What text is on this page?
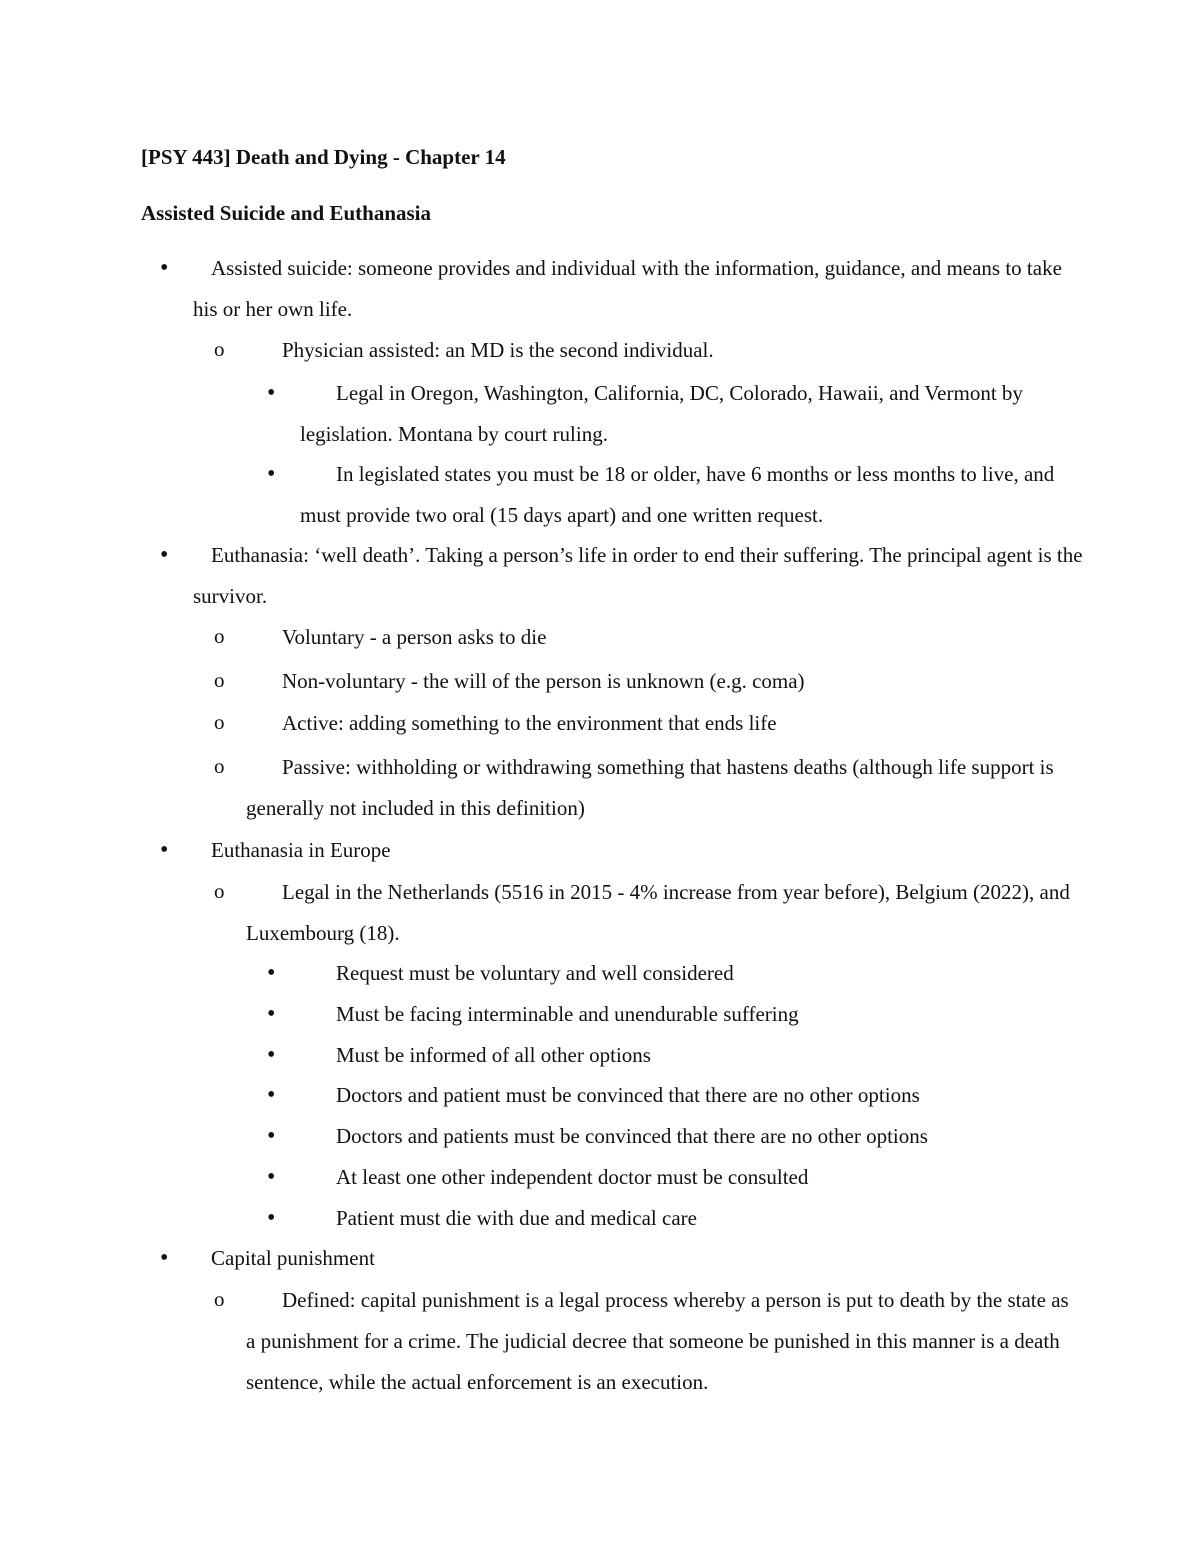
[PSY 443] Death and Dying - Chapter 14
Assisted Suicide and Euthanasia
• Assisted suicide: someone provides and individual with the information, guidance, and means to take his or her own life.
o	Physician assisted: an MD is the second individual.
•	Legal in Oregon, Washington, California, DC, Colorado, Hawaii, and Vermont by legislation. Montana by court ruling.
•	In legislated states you must be 18 or older, have 6 months or less months to live, and must provide two oral (15 days apart) and one written request.
• Euthanasia: ‘well death’. Taking a person’s life in order to end their suffering. The principal agent is the survivor.
o	Voluntary - a person asks to die
o	Non-voluntary - the will of the person is unknown (e.g. coma)
o	Active: adding something to the environment that ends life
o	Passive: withholding or withdrawing something that hastens deaths (although life support is generally not included in this definition)
• Euthanasia in Europe
o	Legal in the Netherlands (5516 in 2015 - 4% increase from year before), Belgium (2022), and Luxembourg (18).
•	Request must be voluntary and well considered
•	Must be facing interminable and unendurable suffering
•	Must be informed of all other options
•	Doctors and patient must be convinced that there are no other options
•	Doctors and patients must be convinced that there are no other options
•	At least one other independent doctor must be consulted
•	Patient must die with due and medical care
• Capital punishment
o	Defined: capital punishment is a legal process whereby a person is put to death by the state as a punishment for a crime. The judicial decree that someone be punished in this manner is a death sentence, while the actual enforcement is an execution.
